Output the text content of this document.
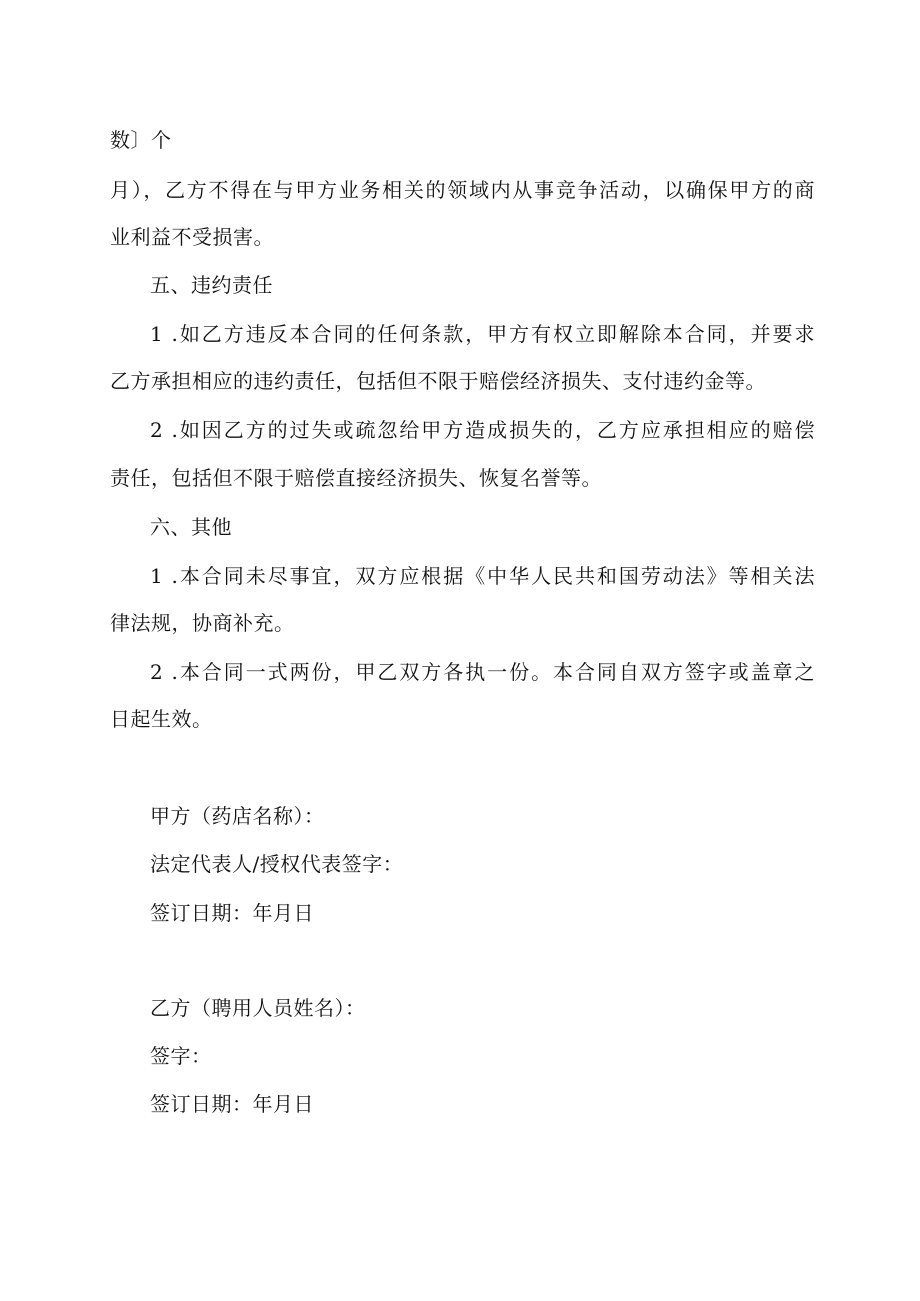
数〕个
月），乙方不得在与甲方业务相关的领域内从事竞争活动，以确保甲方的商
业利益不受损害。
五、违约责任
1 .如乙方违反本合同的任何条款，甲方有权立即解除本合同，并要求
乙方承担相应的违约责任，包括但不限于赔偿经济损失、支付违约金等。
2 .如因乙方的过失或疏忽给甲方造成损失的，乙方应承担相应的赔偿
责任，包括但不限于赔偿直接经济损失、恢复名誉等。
六、其他
1 .本合同未尽事宜，双方应根据《中华人民共和国劳动法》等相关法
律法规，协商补充。
2 .本合同一式两份，甲乙双方各执一份。本合同自双方签字或盖章之
日起生效。
甲方（药店名称）：
法定代表人/授权代表签字：
签订日期：年月日
乙方（聘用人员姓名）：
签字：
签订日期：年月日
